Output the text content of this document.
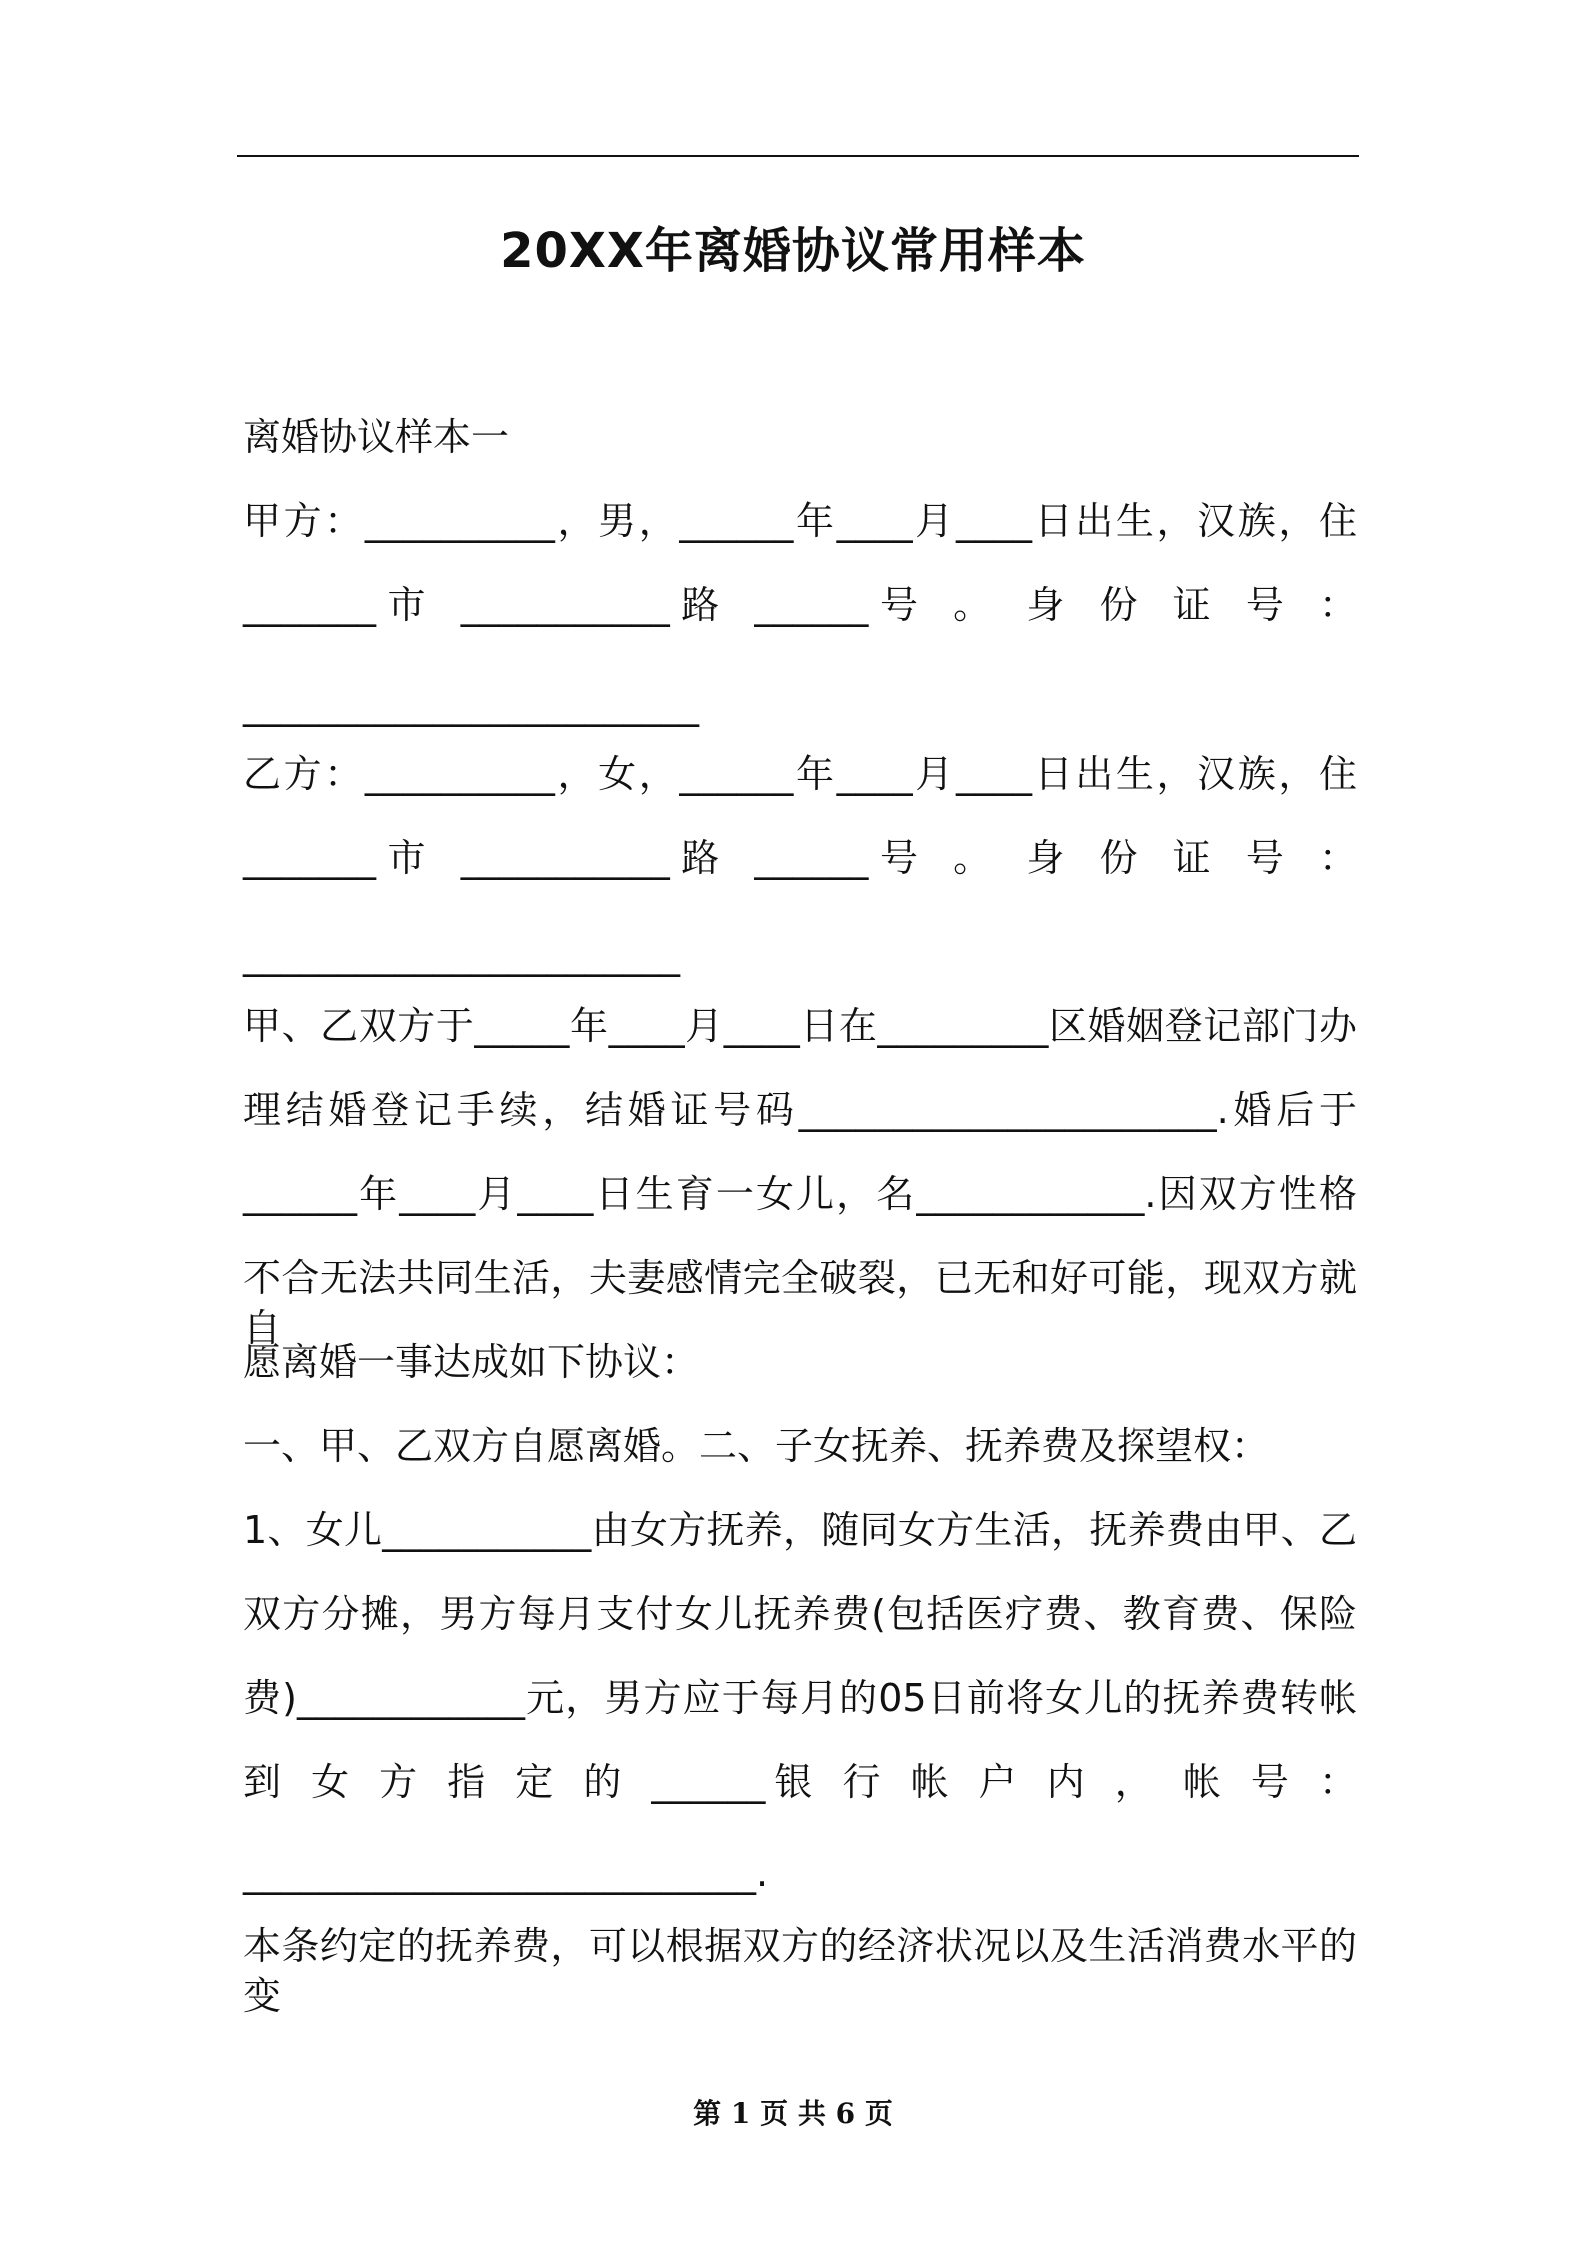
20XX年离婚协议常用样本
离婚协议样本一
甲方：__________，男，______年____月____日出生，汉族，住
_______市 ___________路 ______号 。 身 份 证 号 ：
________________________
乙方：__________，女，______年____月____日出生，汉族，住
_______市 ___________路 ______号 。 身 份 证 号 ：
_______________________
甲、乙双方于_____年____月____日在_________区婚姻登记部门办
理结婚登记手续，结婚证号码______________________.婚后于
______年____月____日生育一女儿，名____________.因双方性格
不合无法共同生活，夫妻感情完全破裂，已无和好可能，现双方就自
愿离婚一事达成如下协议：
一、甲、乙双方自愿离婚。二、子女抚养、抚养费及探望权：
1、女儿___________由女方抚养，随同女方生活，抚养费由甲、乙
双方分摊，男方每月支付女儿抚养费(包括医疗费、教育费、保险
费)____________元，男方应于每月的05日前将女儿的抚养费转帐
到 女 方 指 定 的 ______银 行 帐 户 内 ， 帐 号 ：
___________________________.
本条约定的抚养费，可以根据双方的经济状况以及生活消费水平的变
第 1 页 共 6 页
